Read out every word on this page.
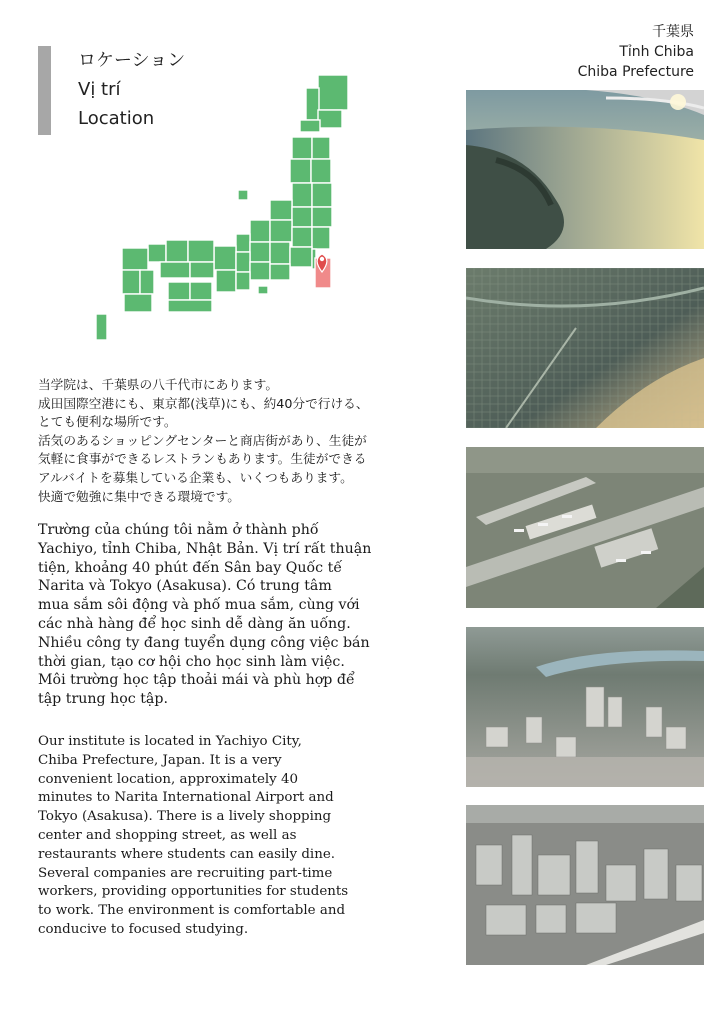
ロケーション
Vị trí
Location
千葉県
Tỉnh Chiba
Chiba Prefecture

当学院は、千葉県の八千代市にあります。
成田国際空港にも、東京都(浅草)にも、約40分で行ける、
とても便利な場所です。
活気のあるショッピングセンターと商店街があり、生徒が
気軽に食事ができるレストランもあります。生徒ができる
アルバイトを募集している企業も、いくつもあります。
快適で勉強に集中できる環境です。

Trường của chúng tôi nằm ở thành phố
Yachiyo, tỉnh Chiba, Nhật Bản. Vị trí rất thuận
tiện, khoảng 40 phút đến Sân bay Quốc tế
Narita và Tokyo (Asakusa). Có trung tâm
mua sắm sôi động và phố mua sắm, cùng với
các nhà hàng để học sinh dễ dàng ăn uống.
Nhiều công ty đang tuyển dụng công việc bán
thời gian, tạo cơ hội cho học sinh làm việc.
Môi trường học tập thoải mái và phù hợp để
tập trung học tập.

Our institute is located in Yachiyo City,
Chiba Prefecture, Japan. It is a very
convenient location, approximately 40
minutes to Narita International Airport and
Tokyo (Asakusa). There is a lively shopping
center and shopping street, as well as
restaurants where students can easily dine.
Several companies are recruiting part-time
workers, providing opportunities for students
to work. The environment is comfortable and
conducive to focused studying.
